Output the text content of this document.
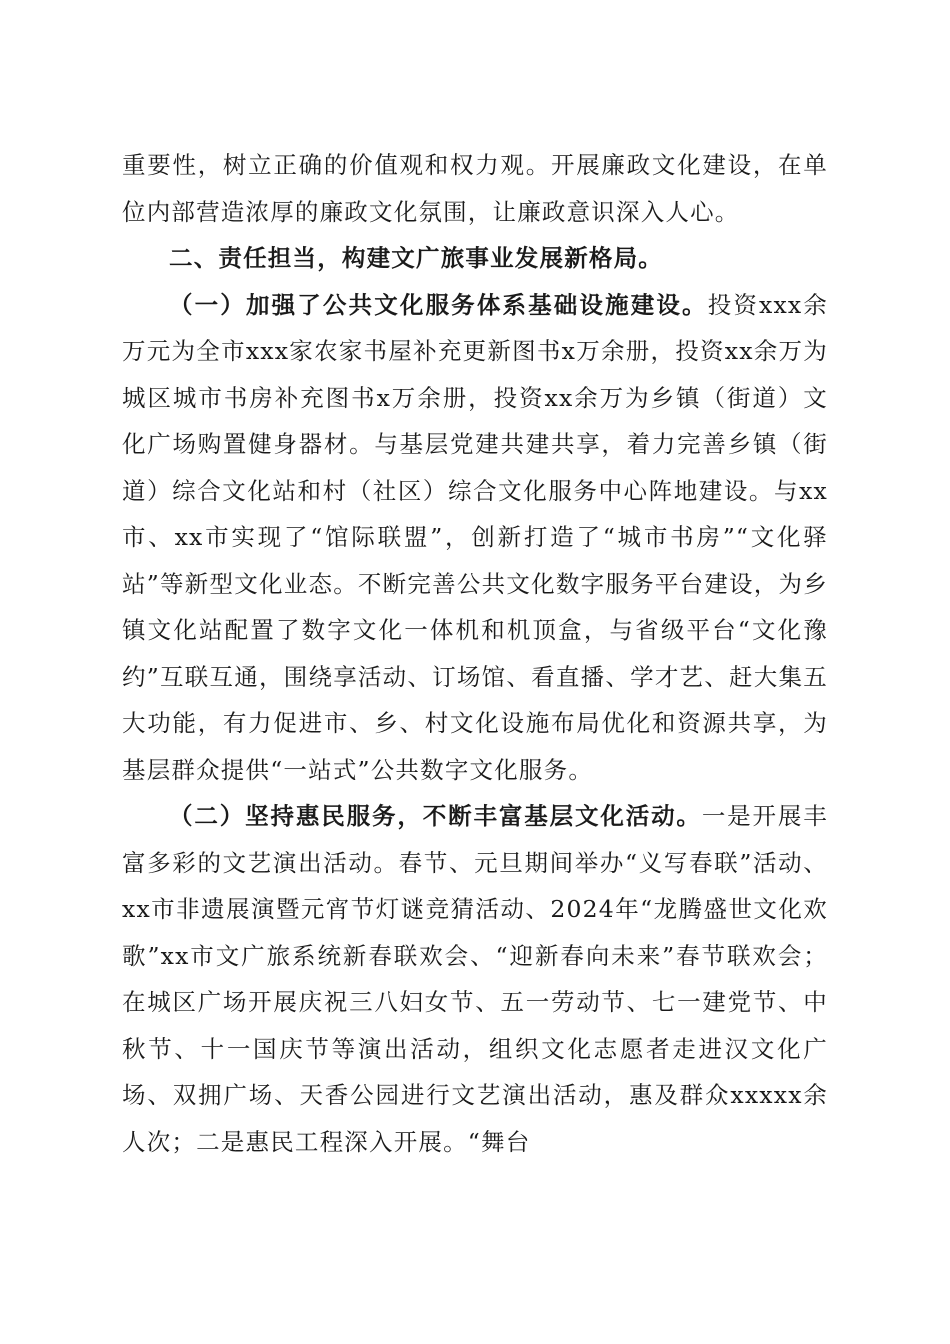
重要性，树立正确的价值观和权力观。开展廉政文化建设，在单位内部营造浓厚的廉政文化氛围，让廉政意识深入人心。

二、责任担当，构建文广旅事业发展新格局。

（一）加强了公共文化服务体系基础设施建设。投资xxx余万元为全市xxx家农家书屋补充更新图书x万余册，投资xx余万为城区城市书房补充图书x万余册，投资xx余万为乡镇（街道）文化广场购置健身器材。与基层党建共建共享，着力完善乡镇（街道）综合文化站和村（社区）综合文化服务中心阵地建设。与xx市、xx市实现了“馆际联盟”，创新打造了“城市书房”“文化驿站”等新型文化业态。不断完善公共文化数字服务平台建设，为乡镇文化站配置了数字文化一体机和机顶盒，与省级平台“文化豫约”互联互通，围绕享活动、订场馆、看直播、学才艺、赶大集五大功能，有力促进市、乡、村文化设施布局优化和资源共享，为基层群众提供“一站式”公共数字文化服务。

（二）坚持惠民服务，不断丰富基层文化活动。一是开展丰富多彩的文艺演出活动。春节、元旦期间举办“义写春联”活动、xx市非遗展演暨元宵节灯谜竞猜活动、2024年“龙腾盛世文化欢歌”xx市文广旅系统新春联欢会、“迎新春向未来”春节联欢会；在城区广场开展庆祝三八妇女节、五一劳动节、七一建党节、中秋节、十一国庆节等演出活动，组织文化志愿者走进汉文化广场、双拥广场、天香公园进行文艺演出活动，惠及群众xxxxx余人次；二是惠民工程深入开展。“舞台
